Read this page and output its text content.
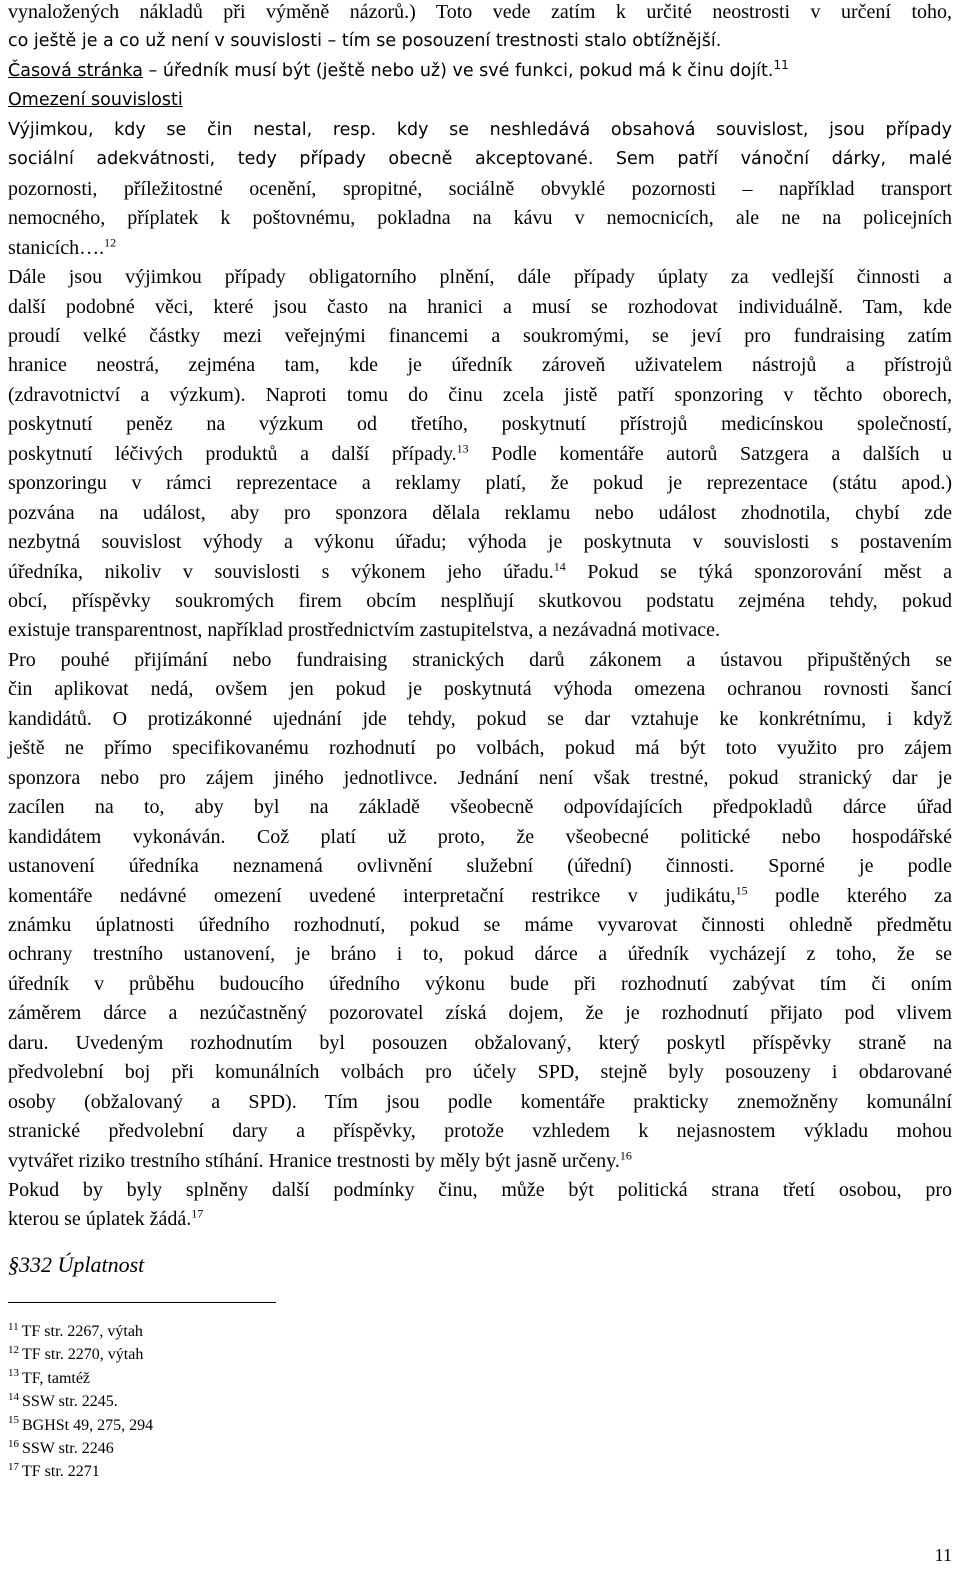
vynaložených nákladů při výměně názorů.) Toto vede zatím k určité neostrosti v určení toho,
co ještě je a co už není v souvislosti – tím se posouzení trestnosti stalo obtížnější.
Časová stránka – úředník musí být (ještě nebo už) ve své funkci, pokud má k činu dojít.$^{11}$
Omezení souvislosti
Výjimkou, kdy se čin nestal, resp. kdy se neshledává obsahová souvislost, jsou případy
sociální adekvátnosti, tedy případy obecně akceptované. Sem patří vánoční dárky, malé
pozornosti, příležitostné ocenění, spropitné, sociálně obvyklé pozornosti – například transport
nemocného, příplatek k poštovnému, pokladna na kávu v nemocnicích, ale ne na policejních
stanicích….$^{12}$
Dále jsou výjimkou případy obligatorního plnění, dále případy úplaty za vedlejší činnosti a
další podobné věci, které jsou často na hranici a musí se rozhodovat individuálně. Tam, kde
proudí velké částky mezi veřejnými financemi a soukromými, se jeví pro fundraising zatím
hranice neostrá, zejména tam, kde je úředník zároveň uživatelem nástrojů a přístrojů
(zdravotnictví a výzkum). Naproti tomu do činu zcela jistě patří sponzoring v těchto oborech,
poskytnutí peněz na výzkum od třetího, poskytnutí přístrojů medicínskou společností,
poskytnutí léčivých produktů a další případy.$^{13}$ Podle komentáře autorů Satzgera a dalších u
sponzoringu v rámci reprezentace a reklamy platí, že pokud je reprezentace (státu apod.)
pozvána na událost, aby pro sponzora dělala reklamu nebo událost zhodnotila, chybí zde
nezbytná souvislost výhody a výkonu úřadu; výhoda je poskytnuta v souvislosti s postavením
úředníka, nikoliv v souvislosti s výkonem jeho úřadu.$^{14}$ Pokud se týká sponzorování měst a
obcí, příspěvky soukromých firem obcím nesplňují skutkovou podstatu zejména tehdy, pokud
existuje transparentnost, například prostřednictvím zastupitelstva, a nezávadná motivace.
Pro pouhé přijímání nebo fundraising stranických darů zákonem a ústavou připuštěných se
čin aplikovat nedá, ovšem jen pokud je poskytnutá výhoda omezena ochranou rovnosti šancí
kandidátů. O protizákonné ujednání jde tehdy, pokud se dar vztahuje ke konkrétnímu, i když
ještě ne přímo specifikovanému rozhodnutí po volbách, pokud má být toto využito pro zájem
sponzora nebo pro zájem jiného jednotlivce. Jednání není však trestné, pokud stranický dar je
zacílen na to, aby byl na základě všeobecně odpovídajících předpokladů dárce úřad
kandidátem vykonáván. Což platí už proto, že všeobecné politické nebo hospodářské
ustanovení úředníka neznamená ovlivnění služební (úřední) činnosti. Sporné je podle
komentáře nedávné omezení uvedené interpretační restrikce v judikátu,$^{15}$ podle kterého za
známku úplatnosti úředního rozhodnutí, pokud se máme vyvarovat činnosti ohledně předmětu
ochrany trestního ustanovení, je bráno i to, pokud dárce a úředník vycházejí z toho, že se
úředník v průběhu budoucího úředního výkonu bude při rozhodnutí zabývat tím či oním
záměrem dárce a nezúčastněný pozorovatel získá dojem, že je rozhodnutí přijato pod vlivem
daru. Uvedeným rozhodnutím byl posouzen obžalovaný, který poskytl příspěvky straně na
předvolební boj při komunálních volbách pro účely SPD, stejně byly posouzeny i obdarované
osoby (obžalovaný a SPD). Tím jsou podle komentáře prakticky znemožněny komunální
stranické předvolební dary a příspěvky, protože vzhledem k nejasnostem výkladu mohou
vytvářet riziko trestního stíhání. Hranice trestnosti by měly být jasně určeny.$^{16}$
Pokud by byly splněny další podmínky činu, může být politická strana třetí osobou, pro
kterou se úplatek žádá.$^{17}$
§332 Úplatnost
$^{11}$ TF str. 2267, výtah
$^{12}$ TF str. 2270, výtah
$^{13}$ TF, tamtéž
$^{14}$ SSW str. 2245.
$^{15}$ BGHSt 49, 275, 294
$^{16}$ SSW str. 2246
$^{17}$ TF str. 2271
11
